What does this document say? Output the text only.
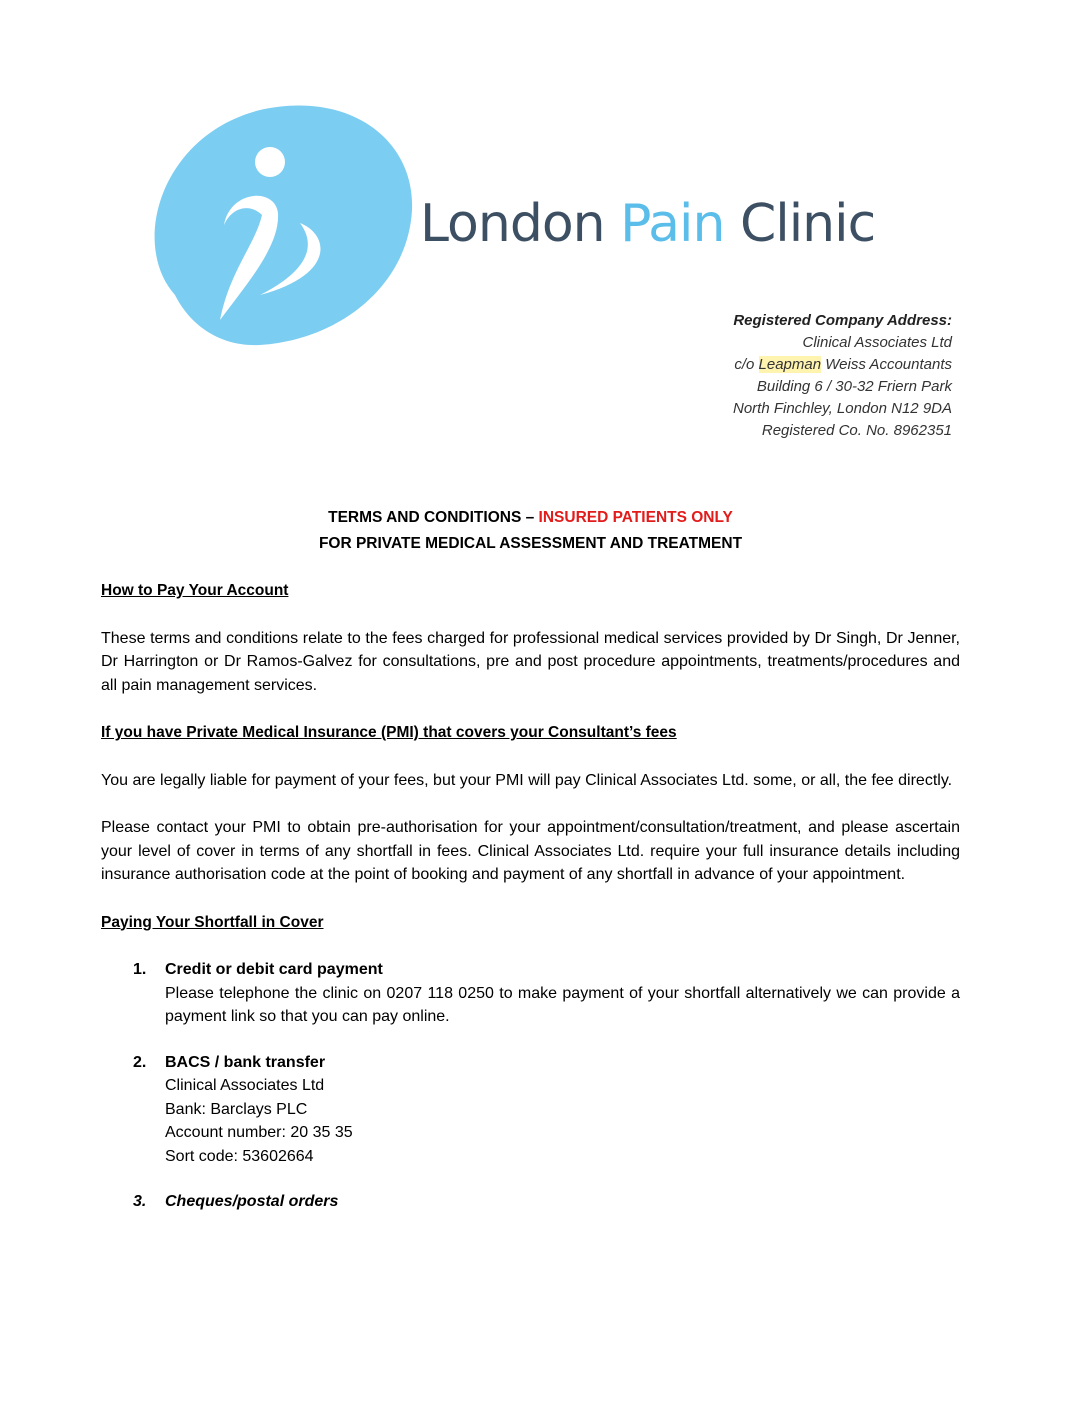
London Pain Clinic
Registered Company Address:
Clinical Associates Ltd
c/o Leapman Weiss Accountants
Building 6 / 30-32 Friern Park
North Finchley, London N12 9DA
Registered Co. No. 8962351
TERMS AND CONDITIONS – INSURED PATIENTS ONLY
FOR PRIVATE MEDICAL ASSESSMENT AND TREATMENT
How to Pay Your Account
These terms and conditions relate to the fees charged for professional medical services provided by Dr Singh, Dr Jenner, Dr Harrington or Dr Ramos-Galvez for consultations, pre and post procedure appointments, treatments/procedures and all pain management services.
If you have Private Medical Insurance (PMI) that covers your Consultant’s fees
You are legally liable for payment of your fees, but your PMI will pay Clinical Associates Ltd. some, or all, the fee directly.
Please contact your PMI to obtain pre-authorisation for your appointment/consultation/treatment, and please ascertain your level of cover in terms of any shortfall in fees. Clinical Associates Ltd. require your full insurance details including insurance authorisation code at the point of booking and payment of any shortfall in advance of your appointment.
Paying Your Shortfall in Cover
1. Credit or debit card payment
Please telephone the clinic on 0207 118 0250 to make payment of your shortfall alternatively we can provide a payment link so that you can pay online.
2. BACS / bank transfer
Clinical Associates Ltd
Bank: Barclays PLC
Account number: 20 35 35
Sort code: 53602664
3. Cheques/postal orders
